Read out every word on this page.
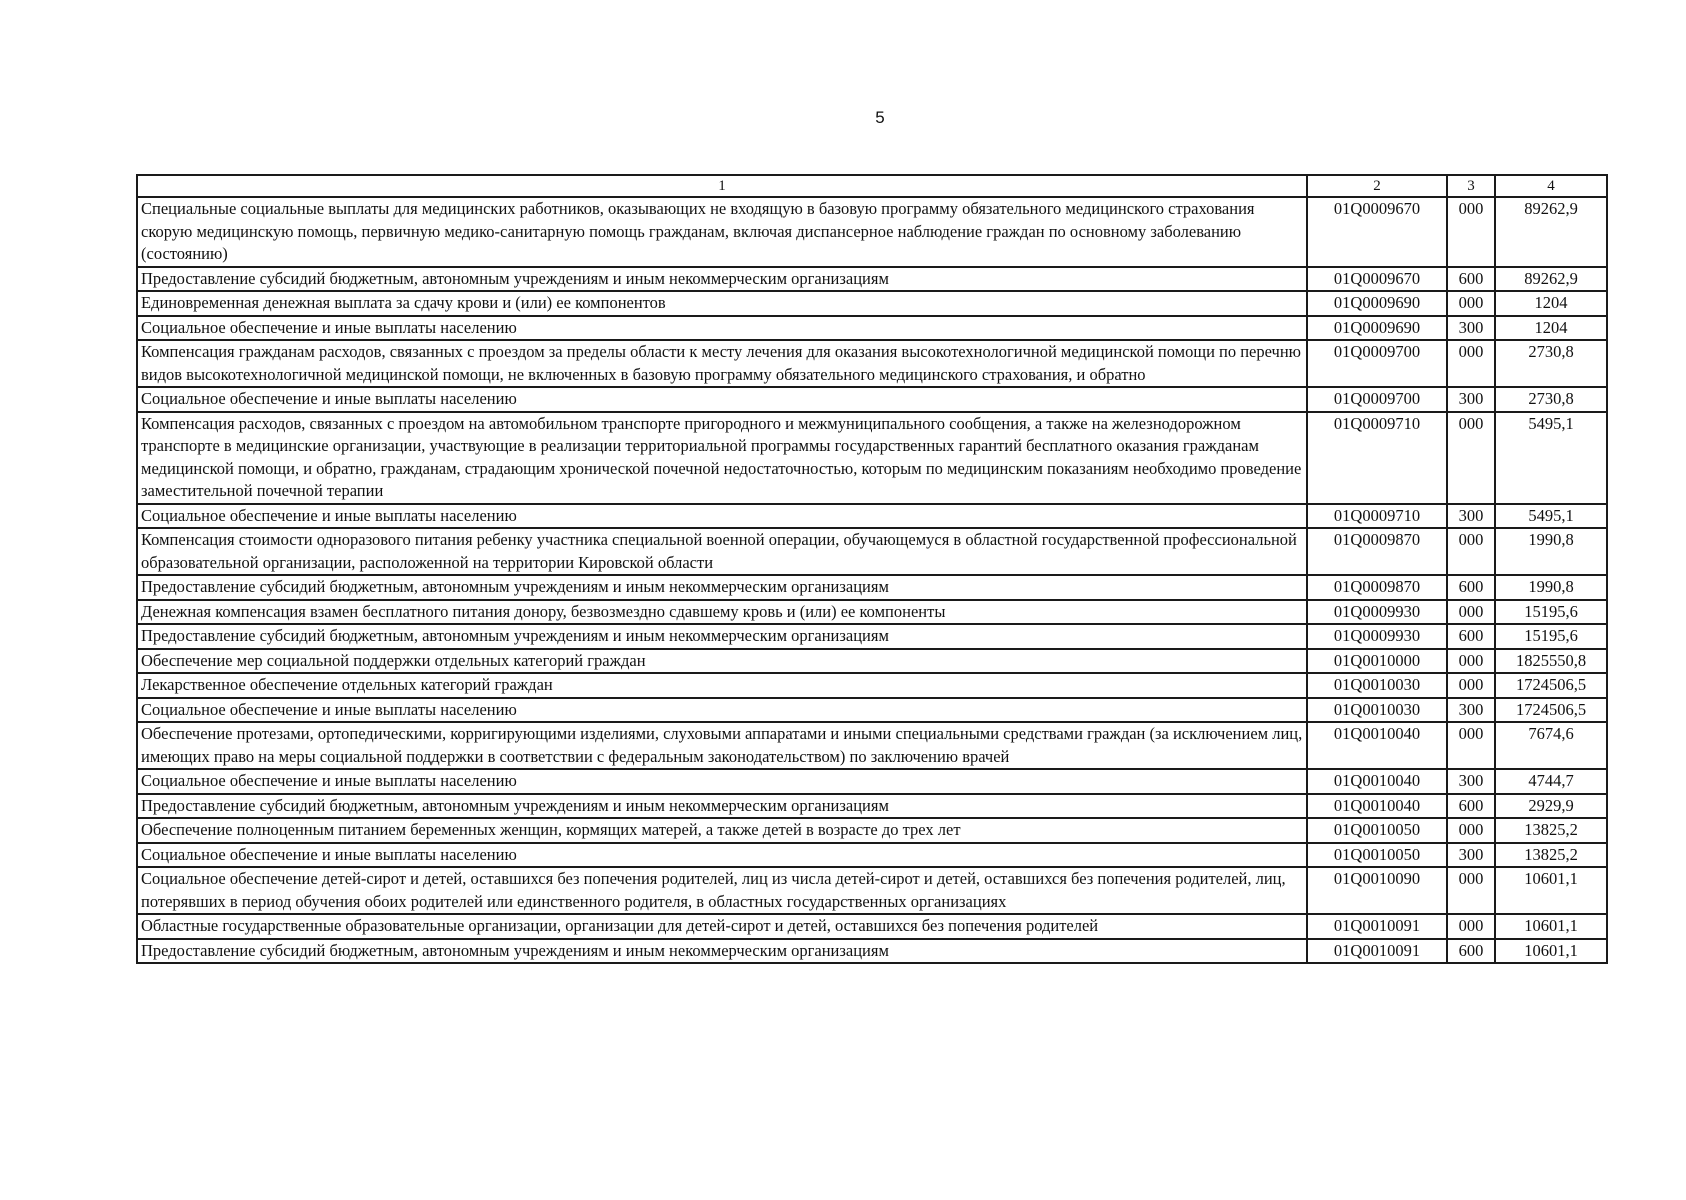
5
1	2	3	4
Специальные социальные выплаты для медицинских работников, оказывающих не входящую в базовую программу обязательного медицинского страхования скорую медицинскую помощь, первичную медико-санитарную помощь гражданам, включая диспансерное наблюдение граждан по основному заболеванию (состоянию)	01Q0009670	000	89262,9
Предоставление субсидий бюджетным, автономным учреждениям и иным некоммерческим организациям	01Q0009670	600	89262,9
Единовременная денежная выплата за сдачу крови и (или) ее компонентов	01Q0009690	000	1204
Социальное обеспечение и иные выплаты населению	01Q0009690	300	1204
Компенсация гражданам расходов, связанных с проездом за пределы области к месту лечения для оказания высокотехнологичной медицинской помощи по перечню видов высокотехнологичной медицинской помощи, не включенных в базовую программу обязательного медицинского страхования, и обратно	01Q0009700	000	2730,8
Социальное обеспечение и иные выплаты населению	01Q0009700	300	2730,8
Компенсация расходов, связанных с проездом на автомобильном транспорте пригородного и межмуниципального сообщения, а также на железнодорожном транспорте в медицинские организации, участвующие в реализации территориальной программы государственных гарантий бесплатного оказания гражданам медицинской помощи, и обратно, гражданам, страдающим хронической почечной недостаточностью, которым по медицинским показаниям необходимо проведение заместительной почечной терапии	01Q0009710	000	5495,1
Социальное обеспечение и иные выплаты населению	01Q0009710	300	5495,1
Компенсация стоимости одноразового питания ребенку участника специальной военной операции, обучающемуся в областной государственной профессиональной образовательной организации, расположенной на территории Кировской области	01Q0009870	000	1990,8
Предоставление субсидий бюджетным, автономным учреждениям и иным некоммерческим организациям	01Q0009870	600	1990,8
Денежная компенсация взамен бесплатного питания донору, безвозмездно сдавшему кровь и (или) ее компоненты	01Q0009930	000	15195,6
Предоставление субсидий бюджетным, автономным учреждениям и иным некоммерческим организациям	01Q0009930	600	15195,6
Обеспечение мер социальной поддержки отдельных категорий граждан	01Q0010000	000	1825550,8
Лекарственное обеспечение отдельных категорий граждан	01Q0010030	000	1724506,5
Социальное обеспечение и иные выплаты населению	01Q0010030	300	1724506,5
Обеспечение протезами, ортопедическими, корригирующими изделиями, слуховыми аппаратами и иными специальными средствами граждан (за исключением лиц, имеющих право на меры социальной поддержки в соответствии с федеральным законодательством) по заключению врачей	01Q0010040	000	7674,6
Социальное обеспечение и иные выплаты населению	01Q0010040	300	4744,7
Предоставление субсидий бюджетным, автономным учреждениям и иным некоммерческим организациям	01Q0010040	600	2929,9
Обеспечение полноценным питанием беременных женщин, кормящих матерей, а также детей в возрасте до трех лет	01Q0010050	000	13825,2
Социальное обеспечение и иные выплаты населению	01Q0010050	300	13825,2
Социальное обеспечение детей-сирот и детей, оставшихся без попечения родителей, лиц из числа детей-сирот и детей, оставшихся без попечения родителей, лиц, потерявших в период обучения обоих родителей или единственного родителя, в областных государственных организациях	01Q0010090	000	10601,1
Областные государственные образовательные организации, организации для детей-сирот и детей, оставшихся без попечения родителей	01Q0010091	000	10601,1
Предоставление субсидий бюджетным, автономным учреждениям и иным некоммерческим организациям	01Q0010091	600	10601,1
